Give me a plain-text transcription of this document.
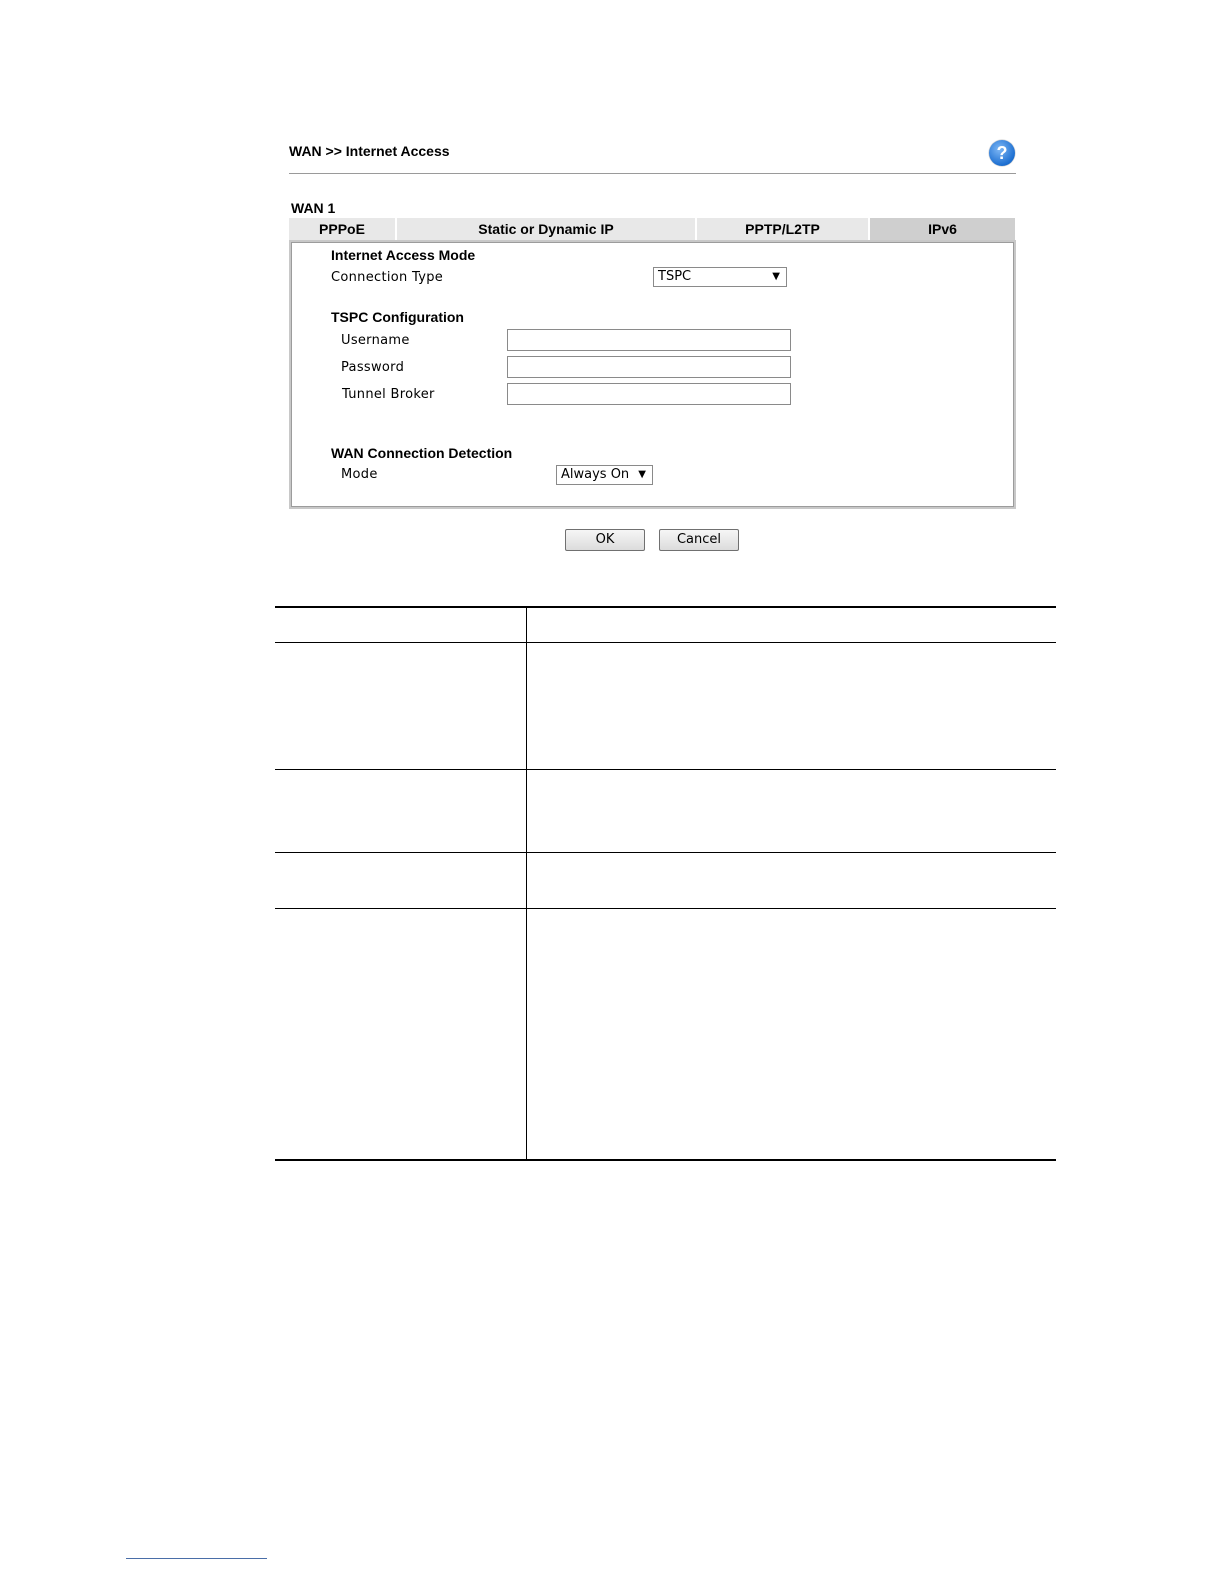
WAN >> Internet Access	?
WAN 1
PPPoE	Static or Dynamic IP	PPTP/L2TP	IPv6
Internet Access Mode
Connection Type	TSPC	▼
TSPC Configuration
Username
Password
Tunnel Broker
WAN Connection Detection
Mode	Always On ▼
OK	Cancel
